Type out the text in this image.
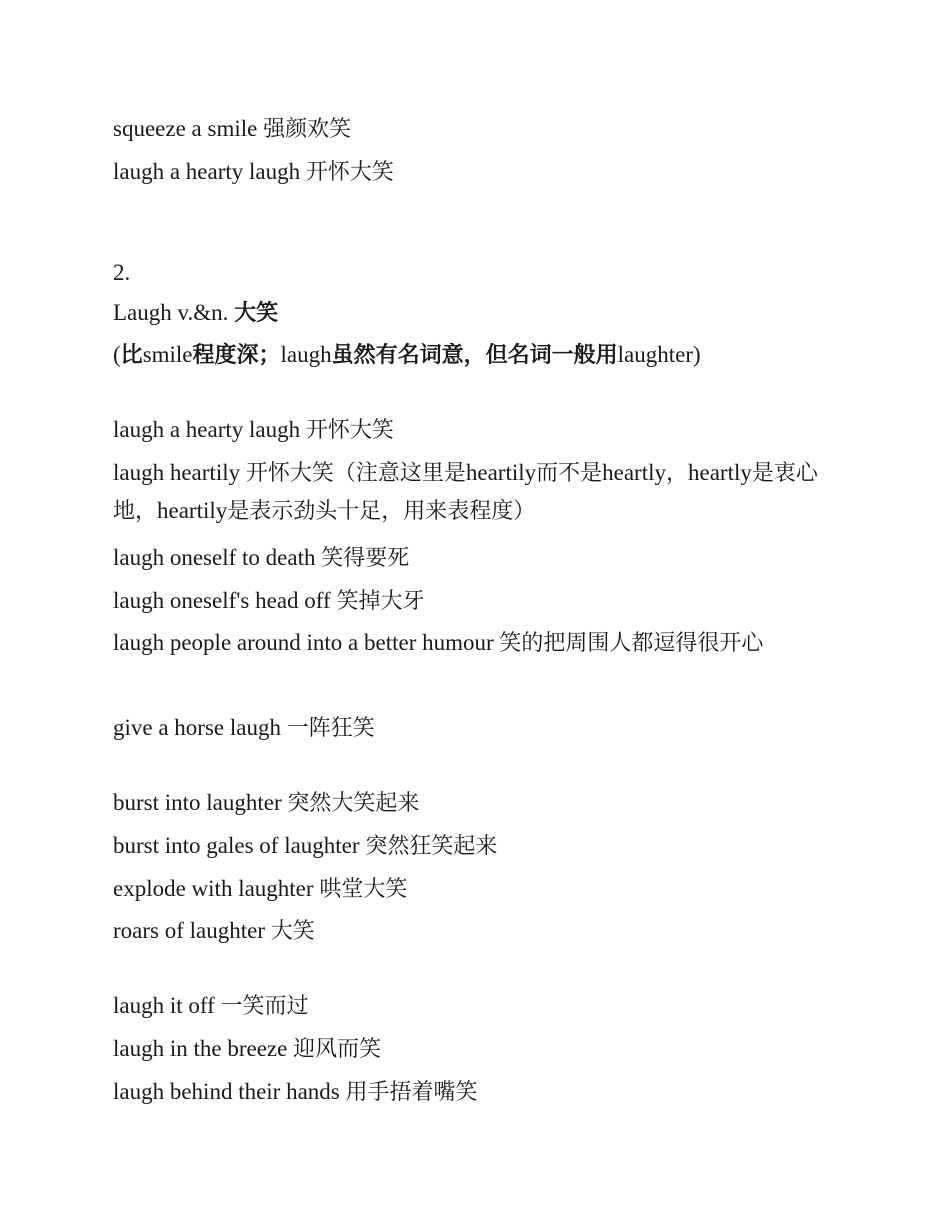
squeeze a smile 强颜欢笑
laugh a hearty laugh 开怀大笑
2.
Laugh v.&n. 大笑
(比smile程度深；laugh虽然有名词意，但名词一般用laughter)
laugh a hearty laugh 开怀大笑
laugh heartily 开怀大笑（注意这里是heartily而不是heartly，heartly是衷心地，heartily是表示劲头十足，用来表程度）
laugh oneself to death 笑得要死
laugh oneself's head off 笑掉大牙
laugh people around into a better humour 笑的把周围人都逗得很开心
give a horse laugh 一阵狂笑
burst into laughter 突然大笑起来
burst into gales of laughter 突然狂笑起来
explode with laughter 哄堂大笑
roars of laughter 大笑
laugh it off 一笑而过
laugh in the breeze 迎风而笑
laugh behind their hands 用手捂着嘴笑
